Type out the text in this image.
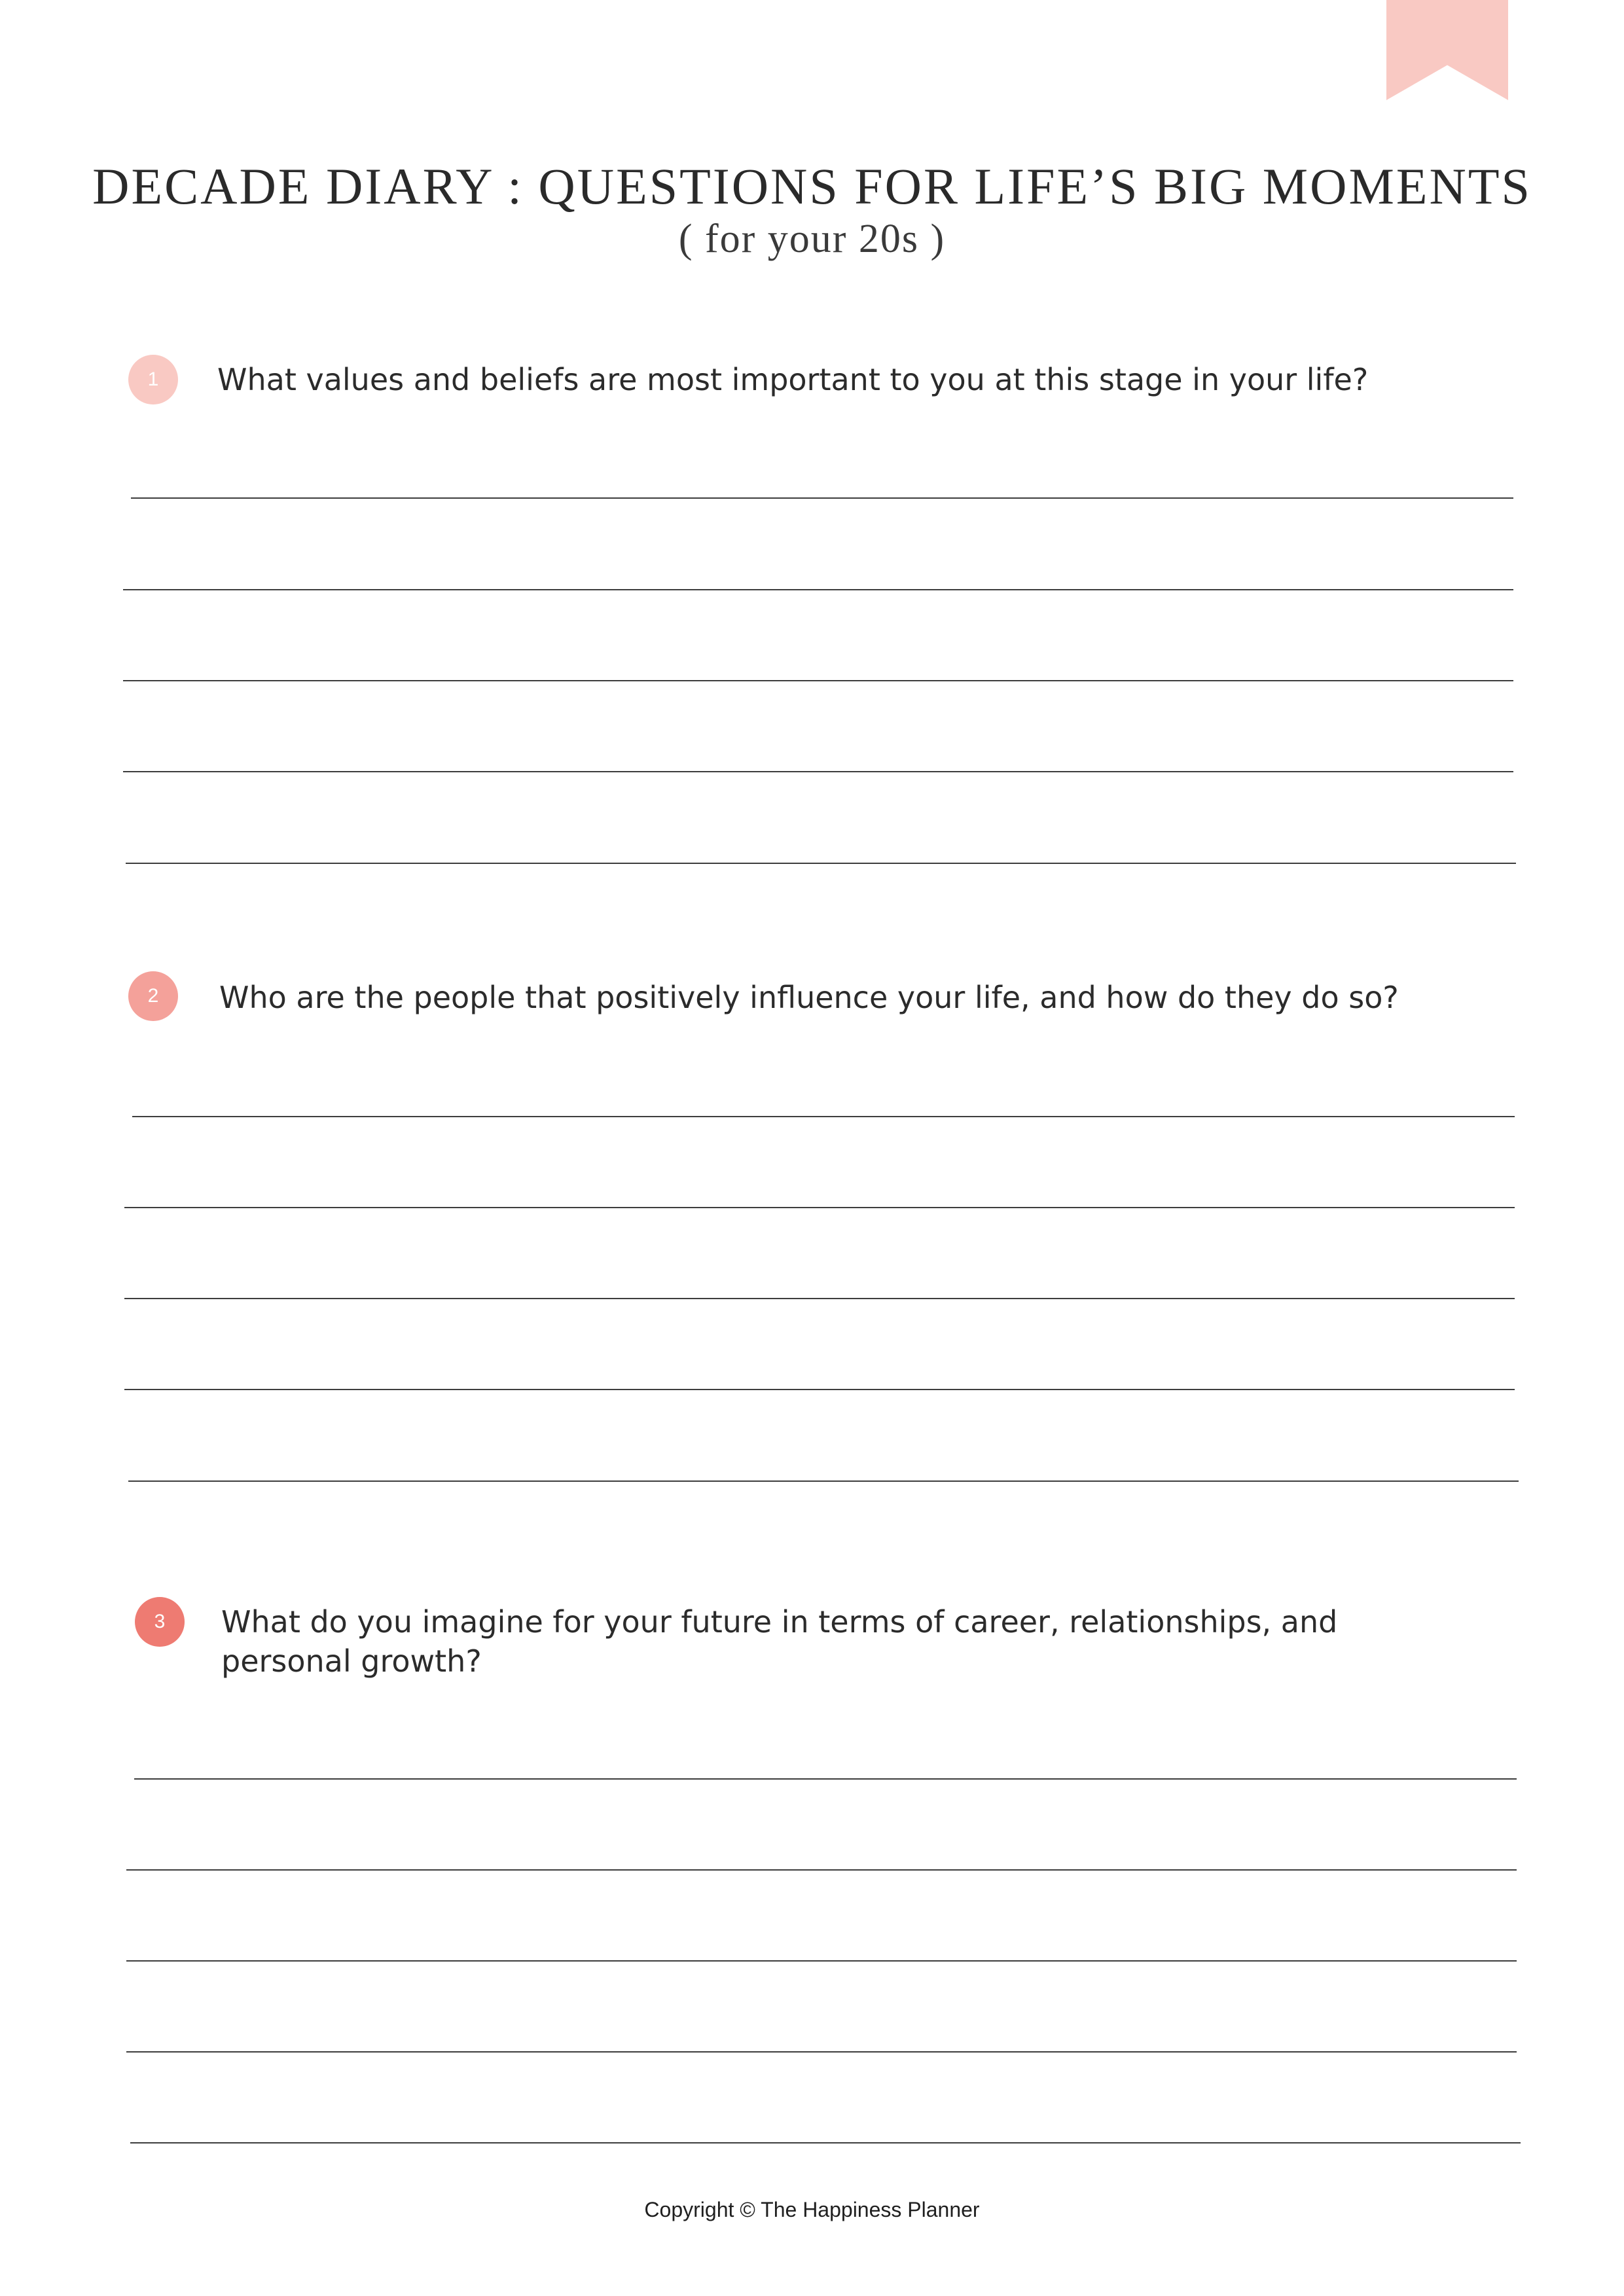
DECADE DIARY : QUESTIONS FOR LIFE’S BIG MOMENTS
( for your 20s )
1	What values and beliefs are most important to you at this stage in your life?
2	Who are the people that positively influence your life, and how do they do so?
3	What do you imagine for your future in terms of career, relationships, and personal growth?
Copyright © The Happiness Planner
